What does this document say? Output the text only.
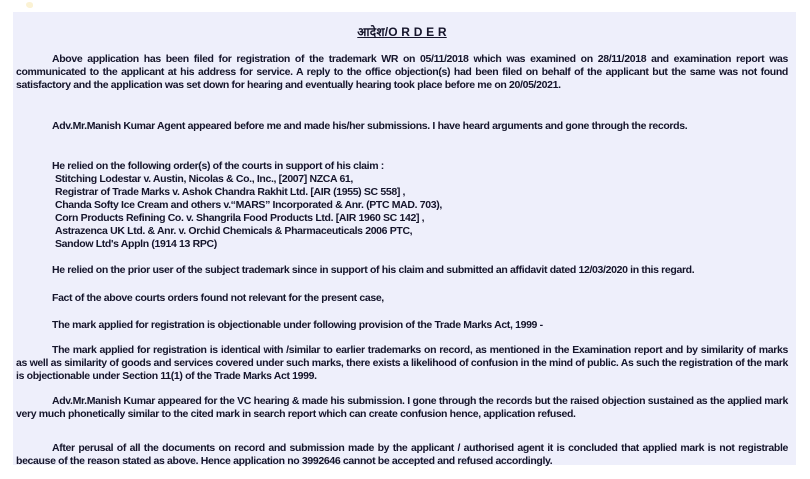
आदेश/O R D E R
Above application has been filed for registration of the trademark WR on 05/11/2018 which was examined on 28/11/2018 and examination report was communicated to the applicant at his address for service. A reply to the office objection(s) had been filed on behalf of the applicant but the same was not found satisfactory and the application was set down for hearing and eventually hearing took place before me on 20/05/2021.
Adv.Mr.Manish Kumar Agent appeared before me and made his/her submissions. I have heard arguments and gone through the records.
He relied on the following order(s) of the courts in support of his claim :
Stitching Lodestar v. Austin, Nicolas & Co., Inc., [2007] NZCA 61,
Registrar of Trade Marks v. Ashok Chandra Rakhit Ltd. [AIR (1955) SC 558] ,
Chanda Softy Ice Cream and others v.“MARS” Incorporated & Anr. (PTC MAD. 703),
Corn Products Refining Co. v. Shangrila Food Products Ltd. [AIR 1960 SC 142] ,
Astrazenca UK Ltd. & Anr. v. Orchid Chemicals & Pharmaceuticals 2006 PTC,
Sandow Ltd's Appln (1914 13 RPC)
He relied on the prior user of the subject trademark since in support of his claim and submitted an affidavit dated 12/03/2020 in this regard.
Fact of the above courts orders found not relevant for the present case,
The mark applied for registration is objectionable under following provision of the Trade Marks Act, 1999 -
The mark applied for registration is identical with /similar to earlier trademarks on record, as mentioned in the Examination report and by similarity of marks as well as similarity of goods and services covered under such marks, there exists a likelihood of confusion in the mind of public. As such the registration of the mark is objectionable under Section 11(1) of the Trade Marks Act 1999.
Adv.Mr.Manish Kumar appeared for the VC hearing & made his submission. I gone through the records but the raised objection sustained as the applied mark very much phonetically similar to the cited mark in search report which can create confusion hence, application refused.
After perusal of all the documents on record and submission made by the applicant / authorised agent it is concluded that applied mark is not registrable because of the reason stated as above. Hence application no 3992646 cannot be accepted and refused accordingly.
